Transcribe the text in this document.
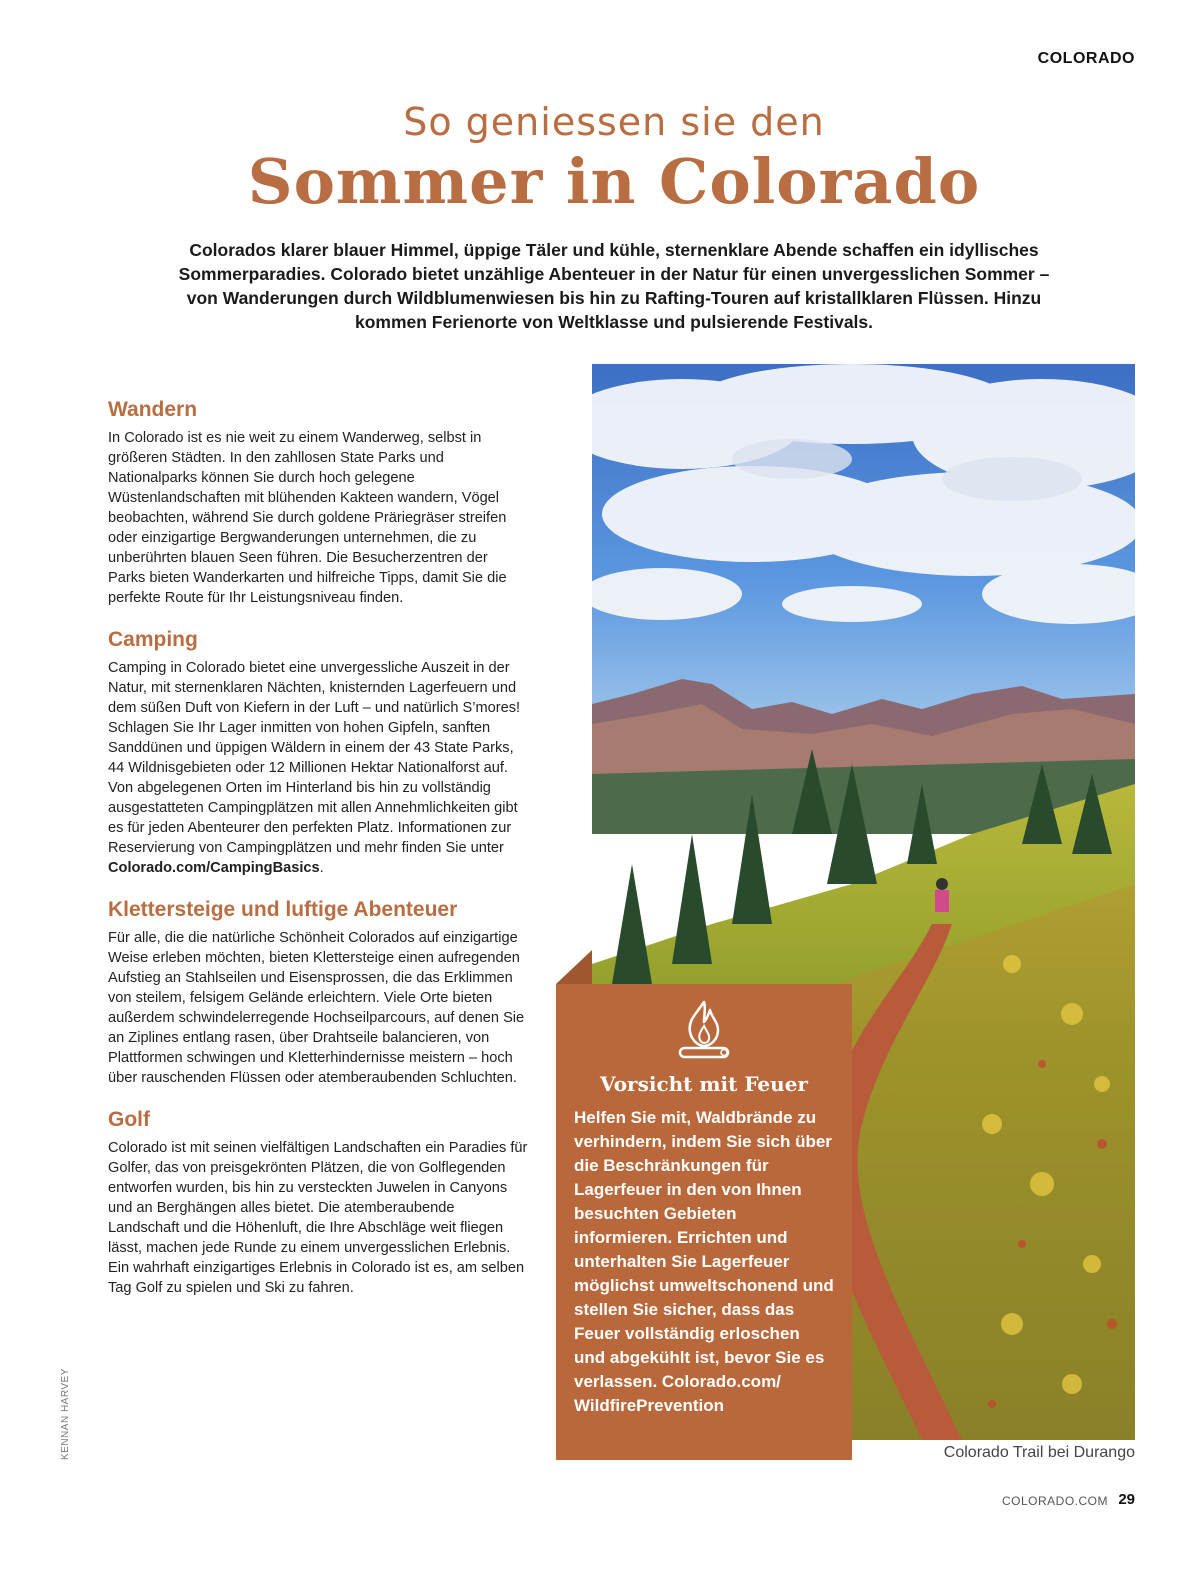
COLORADO
So geniessen sie den
Sommer in Colorado

Colorados klarer blauer Himmel, üppige Täler und kühle, sternenklare Abende schaffen ein idyllisches Sommerparadies. Colorado bietet unzählige Abenteuer in der Natur für einen unvergesslichen Sommer – von Wanderungen durch Wildblumenwiesen bis hin zu Rafting-Touren auf kristallklaren Flüssen. Hinzu kommen Ferienorte von Weltklasse und pulsierende Festivals.

Wandern

In Colorado ist es nie weit zu einem Wanderweg, selbst in größeren Städten. In den zahllosen State Parks und Nationalparks können Sie durch hoch gelegene Wüstenlandschaften mit blühenden Kakteen wandern, Vögel beobachten, während Sie durch goldene Präriegräser streifen oder einzigartige Bergwanderungen unternehmen, die zu unberührten blauen Seen führen. Die Besucherzentren der Parks bieten Wanderkarten und hilfreiche Tipps, damit Sie die perfekte Route für Ihr Leistungsniveau finden.

Camping

Camping in Colorado bietet eine unvergessliche Auszeit in der Natur, mit sternenklaren Nächten, knisternden Lagerfeuern und dem süßen Duft von Kiefern in der Luft – und natürlich S’mores! Schlagen Sie Ihr Lager inmitten von hohen Gipfeln, sanften Sanddünen und üppigen Wäldern in einem der 43 State Parks, 44 Wildnisgebieten oder 12 Millionen Hektar Nationalforst auf. Von abgelegenen Orten im Hinterland bis hin zu vollständig ausgestatteten Campingplätzen mit allen Annehmlichkeiten gibt es für jeden Abenteurer den perfekten Platz. Informationen zur Reservierung von Campingplätzen und mehr finden Sie unter Colorado.com/CampingBasics.

Klettersteige und luftige Abenteuer

Für alle, die die natürliche Schönheit Colorados auf einzigartige Weise erleben möchten, bieten Klettersteige einen aufregenden Aufstieg an Stahlseilen und Eisensprossen, die das Erklimmen von steilem, felsigem Gelände erleichtern. Viele Orte bieten außerdem schwindelerregende Hochseilparcours, auf denen Sie an Ziplines entlang rasen, über Drahtseile balancieren, von Plattformen schwingen und Kletterhindernisse meistern – hoch über rauschenden Flüssen oder atemberaubenden Schluchten.

Golf

Colorado ist mit seinen vielfältigen Landschaften ein Paradies für Golfer, das von preisgekrönten Plätzen, die von Golflegenden entworfen wurden, bis hin zu versteckten Juwelen in Canyons und an Berghängen alles bietet. Die atemberaubende Landschaft und die Höhenluft, die Ihre Abschläge weit fliegen lässt, machen jede Runde zu einem unvergesslichen Erlebnis. Ein wahrhaft einzigartiges Erlebnis in Colorado ist es, am selben Tag Golf zu spielen und Ski zu fahren.

Colorado Trail bei Durango
KENNAN HARVEY
Vorsicht mit Feuer

Helfen Sie mit, Waldbrände zu verhindern, indem Sie sich über die Beschränkungen für Lagerfeuer in den von Ihnen besuchten Gebieten informieren. Errichten und unterhalten Sie Lagerfeuer möglichst umweltschonend und stellen Sie sicher, dass das Feuer vollständig erloschen und abgekühlt ist, bevor Sie es verlassen. Colorado.com/ WildfirePrevention

COLORADO.COM 29
